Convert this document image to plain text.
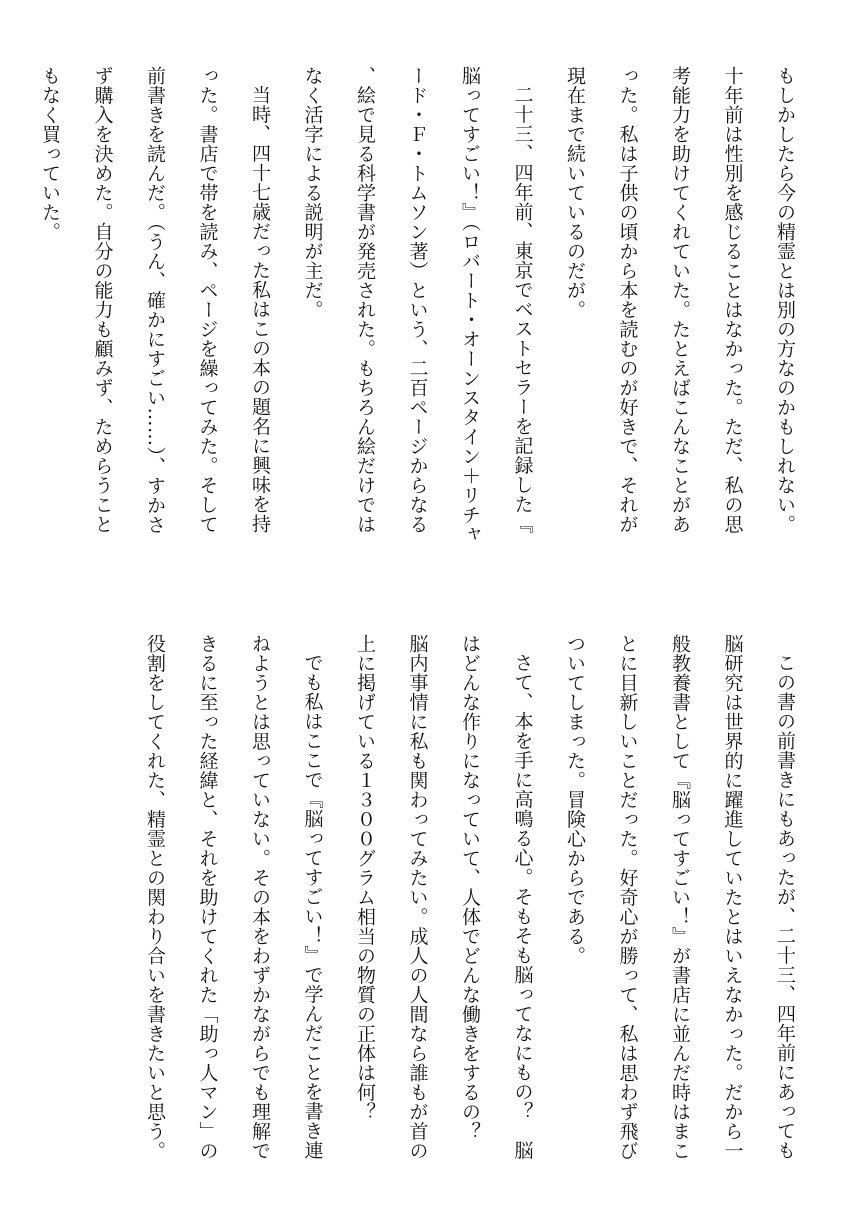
もしかしたら今の精霊とは別の方なのかもしれない。十年前は性別を感じることはなかった。ただ、私の思考能力を助けてくれていた。たとえばこんなことがあった。私は子供の頃から本を読むのが好きで、それが現在まで続いているのだが。

二十三、四年前、東京でベストセラーを記録した『脳ってすごい！』（ロバート・オーンスタイン＋リチャード・Ｆ・トムソン著）という、二百ページからなる、絵で見る科学書が発売された。もちろん絵だけではなく活字による説明が主だ。

当時、四十七歳だった私はこの本の題名に興味を持った。書店で帯を読み、ページを繰ってみた。そして前書きを読んだ。（うん、確かにすごい……）、すかさず購入を決めた。自分の能力も顧みず、ためらうこともなく買っていた。

この書の前書きにもあったが、二十三、四年前にあっても脳研究は世界的に躍進していたとはいえなかった。だから一般教養書として『脳ってすごい！』が書店に並んだ時はまことに目新しいことだった。好奇心が勝って、私は思わず飛びついてしまった。冒険心からである。

さて、本を手に高鳴る心。そもそも脳ってなにもの？　脳はどんな作りになっていて、人体でどんな働きをするの？　脳内事情に私も関わってみたい。成人の人間なら誰もが首の上に掲げている１３００グラム相当の物質の正体は何？

でも私はここで『脳ってすごい！』で学んだことを書き連ねようとは思っていない。その本をわずかながらでも理解できるに至った経緯と、それを助けてくれた「助っ人マン」の役割をしてくれた、精霊との関わり合いを書きたいと思う。
